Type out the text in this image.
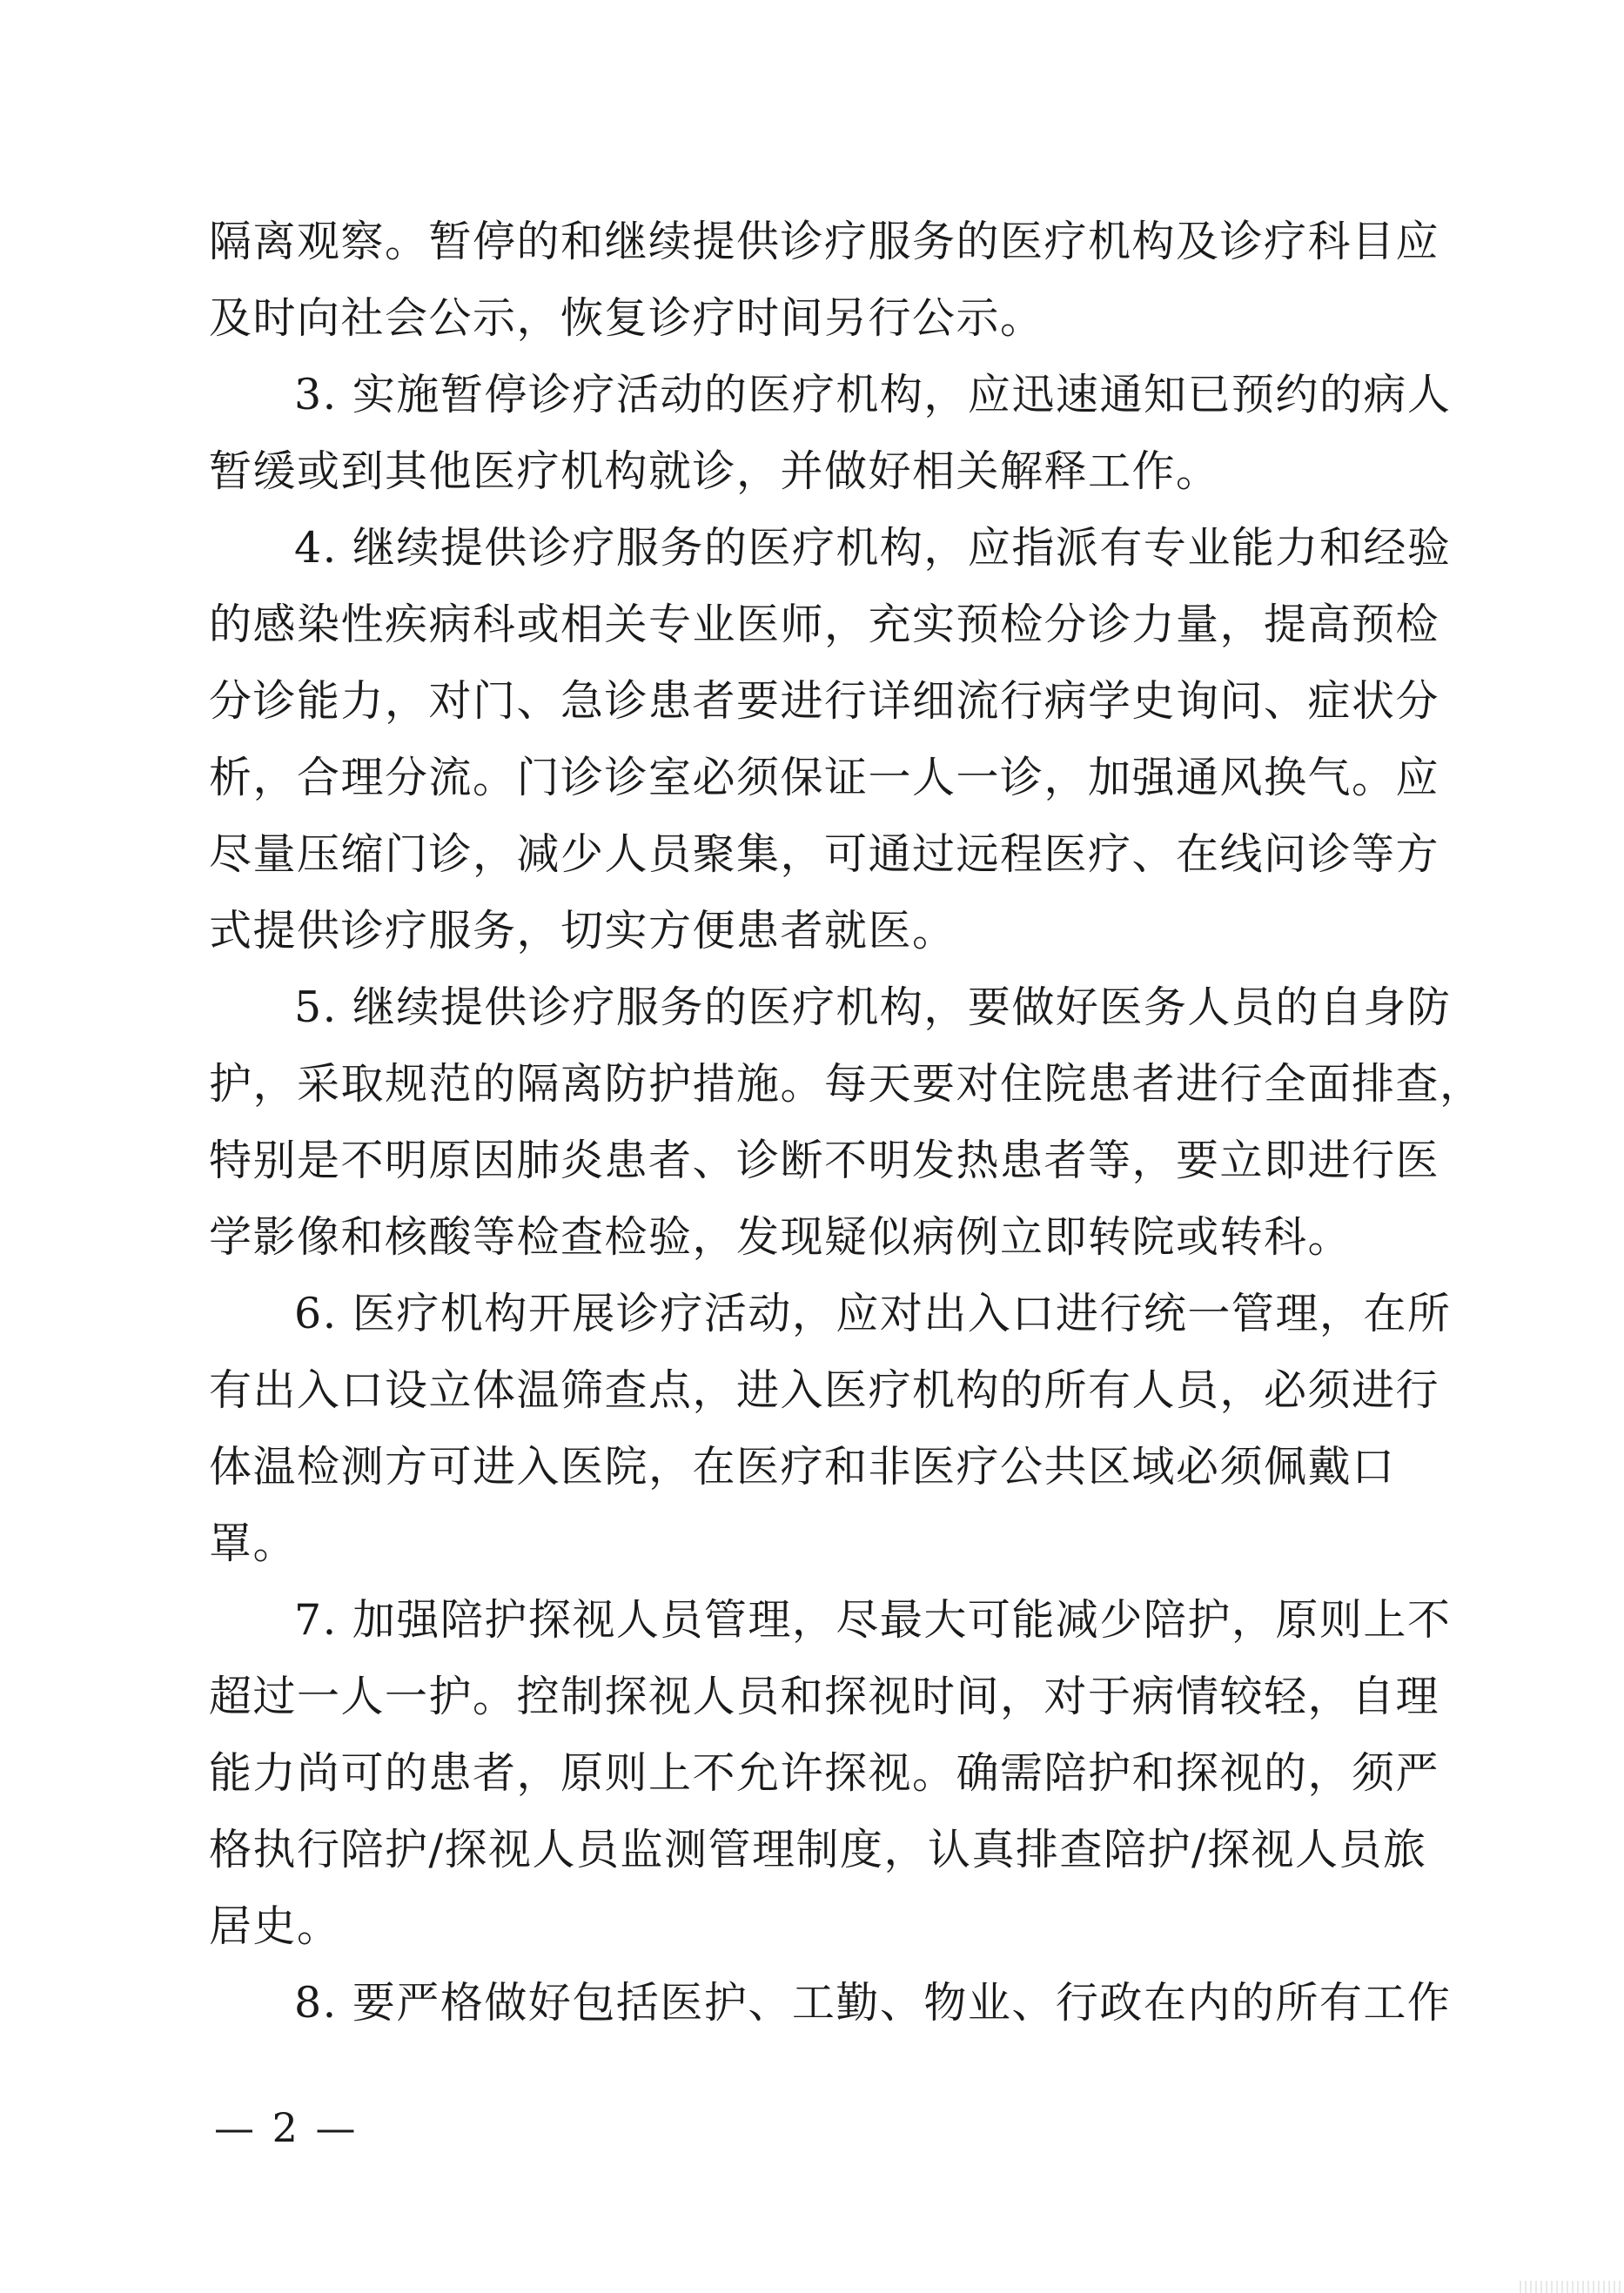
隔离观察。暂停的和继续提供诊疗服务的医疗机构及诊疗科目应
及时向社会公示，恢复诊疗时间另行公示。
3. 实施暂停诊疗活动的医疗机构，应迅速通知已预约的病人
暂缓或到其他医疗机构就诊，并做好相关解释工作。
4. 继续提供诊疗服务的医疗机构，应指派有专业能力和经验
的感染性疾病科或相关专业医师，充实预检分诊力量，提高预检
分诊能力，对门、急诊患者要进行详细流行病学史询问、症状分
析，合理分流。门诊诊室必须保证一人一诊，加强通风换气。应
尽量压缩门诊，减少人员聚集，可通过远程医疗、在线问诊等方
式提供诊疗服务，切实方便患者就医。
5. 继续提供诊疗服务的医疗机构，要做好医务人员的自身防
护，采取规范的隔离防护措施。每天要对住院患者进行全面排查，
特别是不明原因肺炎患者、诊断不明发热患者等，要立即进行医
学影像和核酸等检查检验，发现疑似病例立即转院或转科。
6. 医疗机构开展诊疗活动，应对出入口进行统一管理，在所
有出入口设立体温筛查点，进入医疗机构的所有人员，必须进行
体温检测方可进入医院，在医疗和非医疗公共区域必须佩戴口
罩。
7. 加强陪护探视人员管理，尽最大可能减少陪护，原则上不
超过一人一护。控制探视人员和探视时间，对于病情较轻，自理
能力尚可的患者，原则上不允许探视。确需陪护和探视的，须严
格执行陪护/探视人员监测管理制度，认真排查陪护/探视人员旅
居史。
8. 要严格做好包括医护、工勤、物业、行政在内的所有工作
— 2 —
